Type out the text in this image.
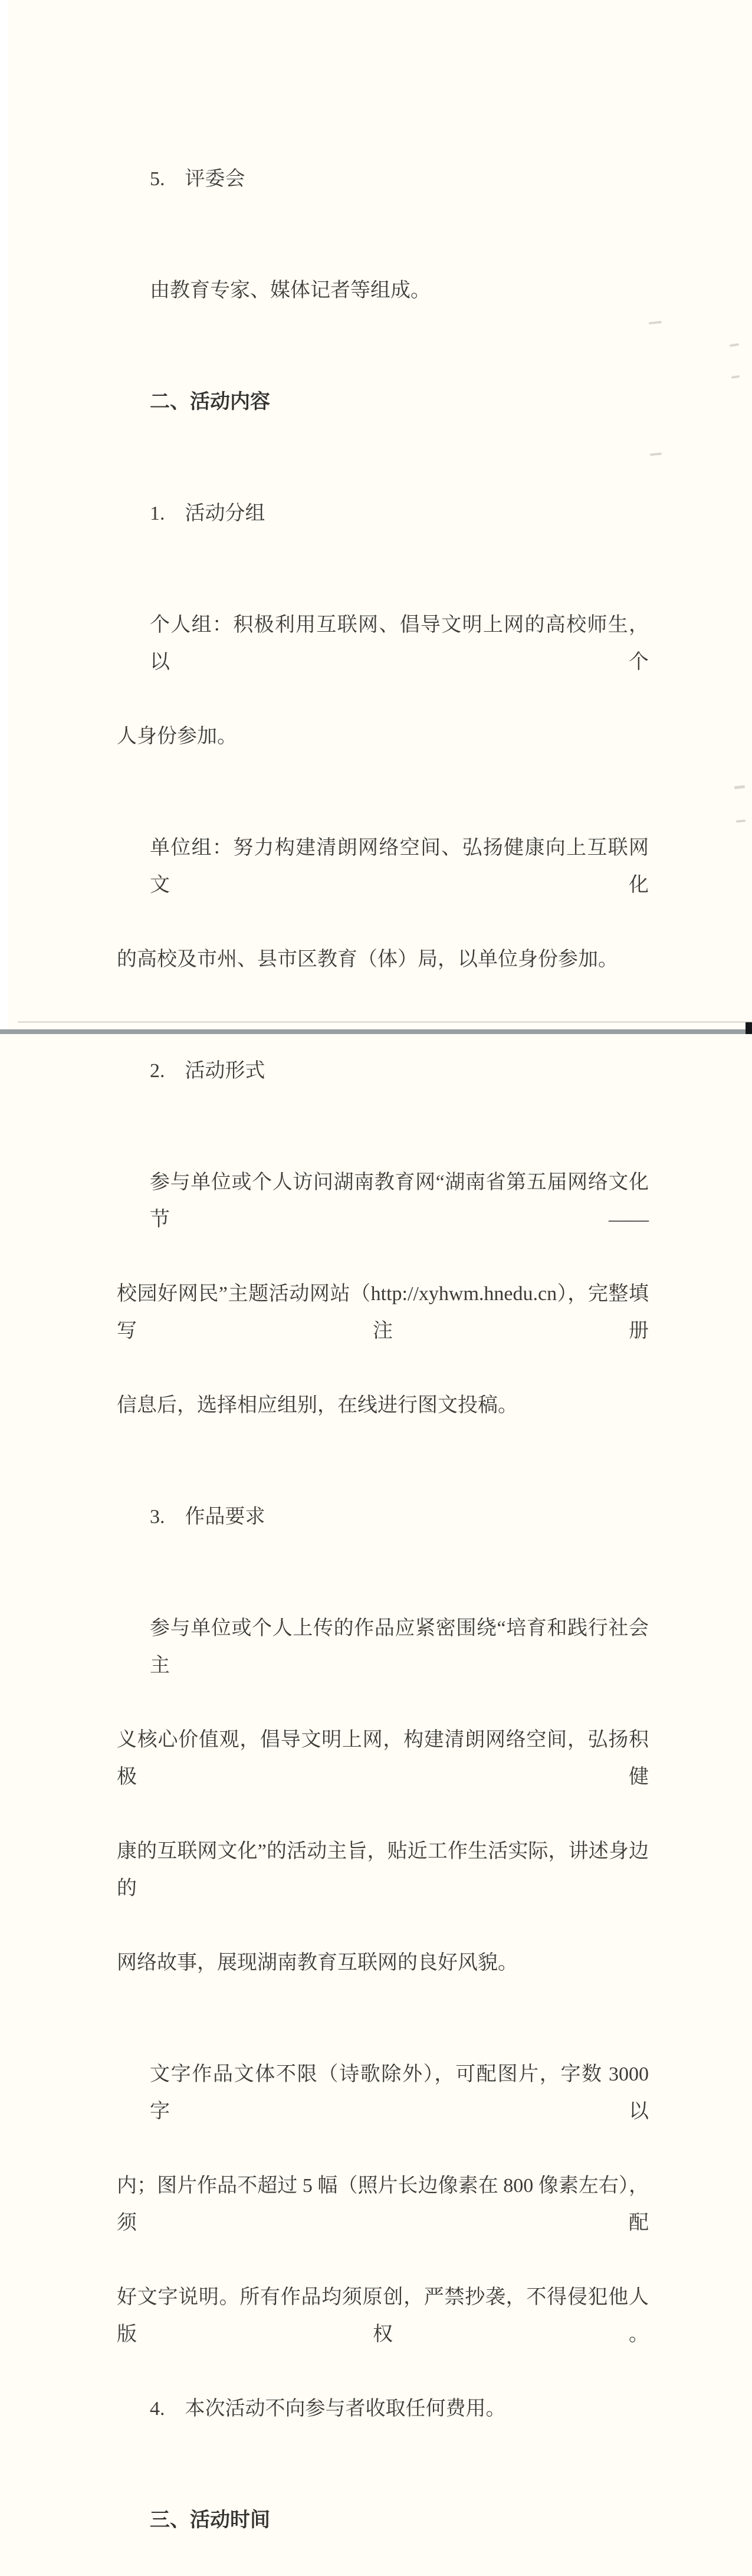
5.　评委会

由教育专家、媒体记者等组成。

二、活动内容

1.　活动分组

个人组：积极利用互联网、倡导文明上网的高校师生，以个

人身份参加。

单位组：努力构建清朗网络空间、弘扬健康向上互联网文化

的高校及市州、县市区教育（体）局，以单位身份参加。

2.　活动形式

参与单位或个人访问湖南教育网“湖南省第五届网络文化节——

校园好网民”主题活动网站（http://xyhwm.hnedu.cn），完整填写注册

信息后，选择相应组别，在线进行图文投稿。

3.　作品要求

参与单位或个人上传的作品应紧密围绕“培育和践行社会主

义核心价值观，倡导文明上网，构建清朗网络空间，弘扬积极健

康的互联网文化”的活动主旨，贴近工作生活实际，讲述身边的

网络故事，展现湖南教育互联网的良好风貌。

文字作品文体不限（诗歌除外），可配图片，字数 3000 字以

内；图片作品不超过 5 幅（照片长边像素在 800 像素左右），须配

好文字说明。所有作品均须原创，严禁抄袭，不得侵犯他人版权。

4.　本次活动不向参与者收取任何费用。

三、活动时间
